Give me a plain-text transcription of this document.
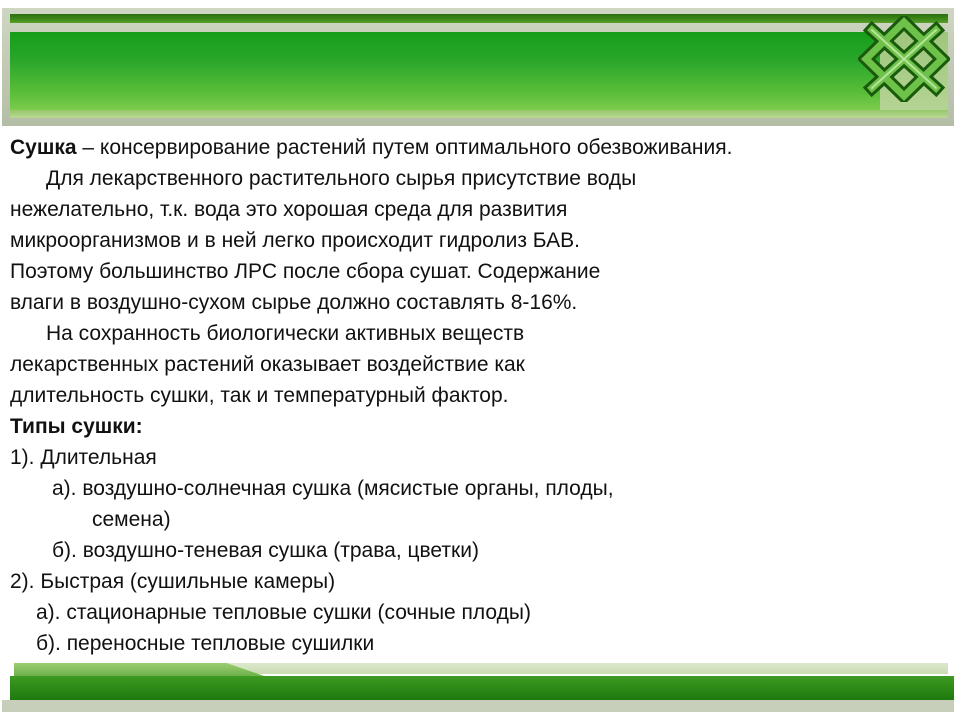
Сушка – консервирование растений путем оптимального обезвоживания.
Для лекарственного растительного сырья присутствие воды
нежелательно, т.к. вода это хорошая среда для развития
микроорганизмов и в ней легко происходит гидролиз БАВ.
Поэтому большинство ЛРС после сбора сушат. Содержание
влаги в воздушно-сухом сырье должно составлять 8-16%.
На сохранность биологически активных веществ
лекарственных растений оказывает воздействие как
длительность сушки, так и температурный фактор.
Типы сушки:
1). Длительная
а). воздушно-солнечная сушка (мясистые органы, плоды,
семена)
б). воздушно-теневая сушка (трава, цветки)
2). Быстрая (сушильные камеры)
а). стационарные тепловые сушки (сочные плоды)
б). переносные тепловые сушилки
